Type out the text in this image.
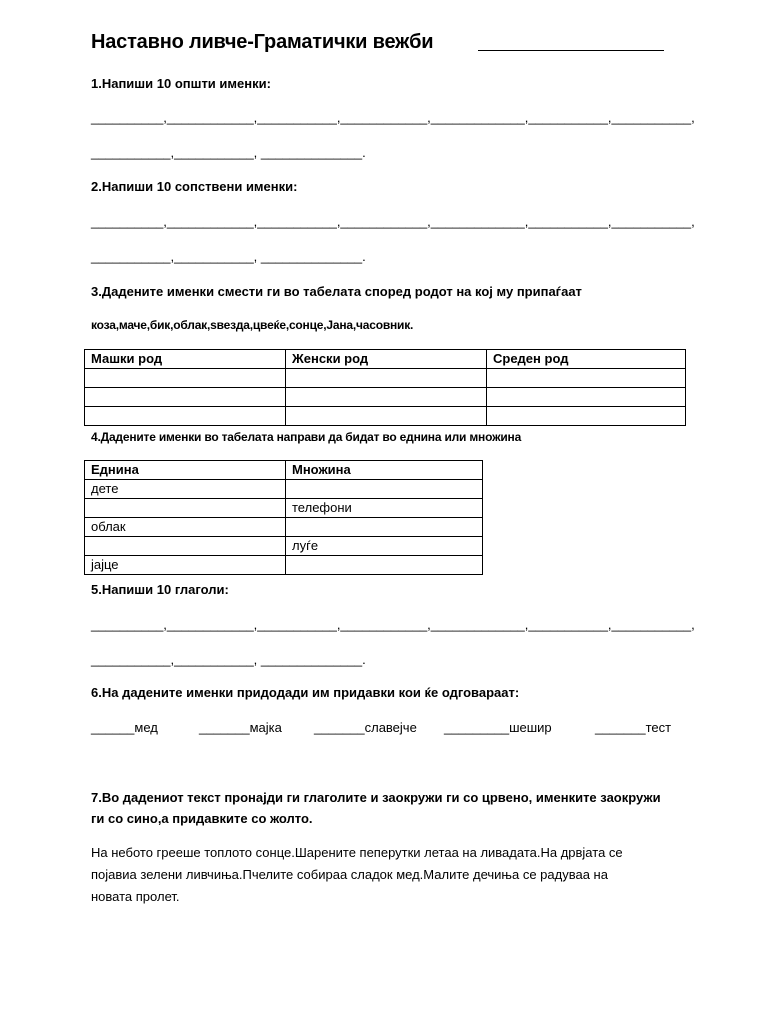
Наставно ливче-Граматички вежби
1.Напиши 10 општи именки:
__________,____________,___________,____________,_____________,___________,___________,
___________,___________, ______________.
2.Напиши 10 сопствени именки:
__________,____________,___________,____________,_____________,___________,___________,
___________,___________, ______________.
3.Дадените именки смести ги во табелата според родот на кој му припаѓаат
коза,маче,бик,облак,ѕвезда,цвеќе,сонце,Јана,часовник.
Машки род	Женски род	Среден род

4.Дадените именки во табелата направи да бидат во еднина или множина
Еднина	Множина
дете	
	телефони
облак	
	луѓе
јајце	
5.Напиши 10 глаголи:
__________,____________,___________,____________,_____________,___________,___________,
___________,___________, ______________.
6.На дадените именки придодади им придавки кои ќе одговараат:
______мед	_______мајка _______славејче _________шешир	_______тест
7.Во дадениот текст пронајди ги глаголите и заокружи ги со црвено, именките заокружи
ги со сино,а придавките со жолто.
На небото грееше топлото сонце.Шарените пеперутки летаа на ливадата.На дрвјата се
појавиа зелени ливчиња.Пчелите собираа сладок мед.Малите дечиња се радуваа на
новата пролет.
